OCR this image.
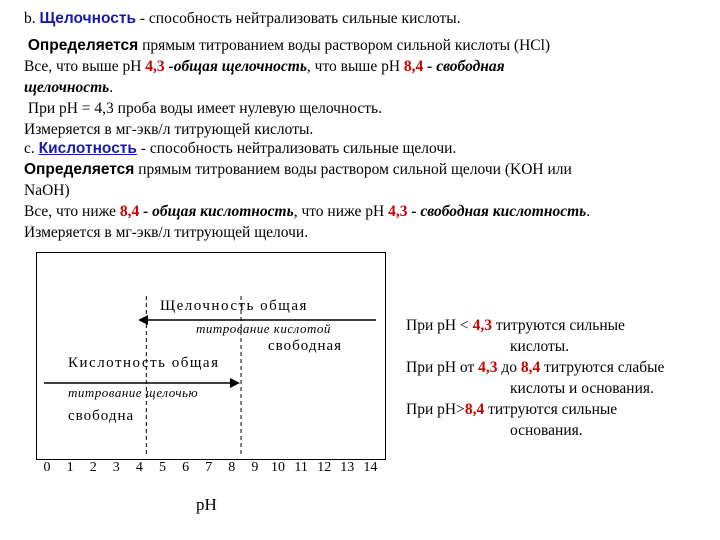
b. Щелочность - способность нейтрализовать сильные кислоты.
Определяется прямым титрованием воды раствором сильной кислоты (HCl)
Все, что выше pH 4,3 -общая щелочность, что выше pH 8,4 - свободная
щелочность.
При pH = 4,3 проба воды имеет нулевую щелочность.
Измеряется в мг-экв/л титрующей кислоты.
c. Кислотность - способность нейтрализовать сильные щелочи.
Определяется прямым титрованием воды раствором сильной щелочи (KOH или
NaOH)
Все, что ниже 8,4 - общая кислотность, что ниже pH 4,3 - свободная кислотность.
Измеряется в мг-экв/л титрующей щелочи.
Щелочность общая
титрование кислотой
свободная
Кислотность общая
титрование щелочью
свободна
0	1	2	3	4	5	6	7	8	9 10 11 12 13 14
pH
При pH < 4,3 титруются сильные
кислоты.
При pH от 4,3 до 8,4 титруются слабые
кислоты и основания.
При pH>8,4 титруются сильные
основания.
